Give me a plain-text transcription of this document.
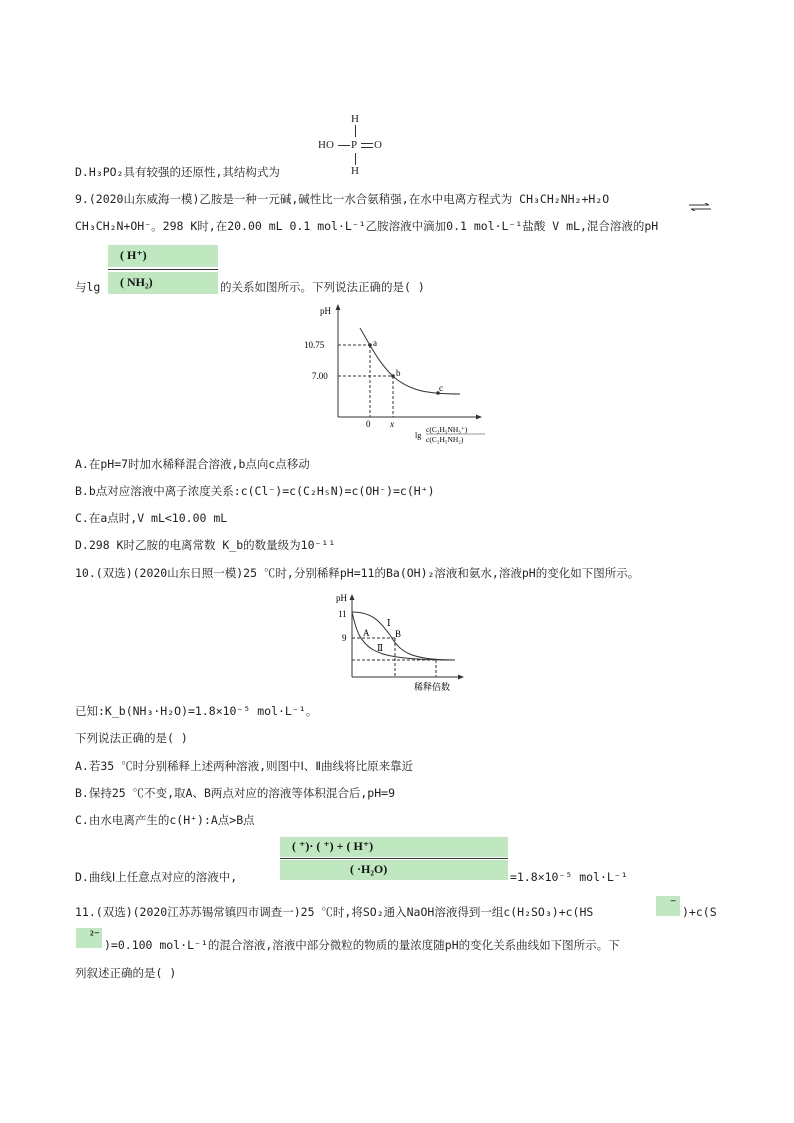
H
HO P O
H
D.H₃PO₂具有较强的还原性,其结构式为
9.(2020山东威海一模)乙胺是一种一元碱,碱性比一水合氨稍强,在水中电离方程式为 CH₃CH₂NH₂+H₂O
CH₃CH₂N+OH⁻。298 K时,在20.00 mL 0.1 mol·L⁻¹乙胺溶液中滴加0.1 mol·L⁻¹盐酸 V mL,混合溶液的pH
与lg
( H⁺)
( NH₂)	的关系如图所示。下列说法正确的是( )
pH
10.75
7.00
a
b
c
0 x
lg
c(C₂H₅NH₃⁺)
c(C₂H₅NH₂)
A.在pH=7时加水稀释混合溶液,b点向c点移动
B.b点对应溶液中离子浓度关系:c(Cl⁻)=c(C₂H₅N)=c(OH⁻)=c(H⁺)
C.在a点时,V mL<10.00 mL
D.298 K时乙胺的电离常数 K_b的数量级为10⁻¹¹
10.(双选)(2020山东日照一模)25 ℃时,分别稀释pH=11的Ba(OH)₂溶液和氨水,溶液pH的变化如下图所示。
pH
11
9 A	B
Ⅰ
Ⅱ
稀释倍数
已知:K_b(NH₃·H₂O)=1.8×10⁻⁵ mol·L⁻¹。
下列说法正确的是( )
A.若35 ℃时分别稀释上述两种溶液,则图中Ⅰ、Ⅱ曲线将比原来靠近
B.保持25 ℃不变,取A、B两点对应的溶液等体积混合后,pH=9
C.由水电离产生的c(H⁺):A点>B点
D.曲线Ⅰ上任意点对应的溶液中,
( ⁺)· ( ⁺) + ( H⁺)
( ·H₂O)
=1.8×10⁻⁵ mol·L⁻¹
11.(双选)(2020江苏苏锡常镇四市调查一)25 ℃时,将SO₂通入NaOH溶液得到一组c(H₂SO₃)+c(HS
⁻
)+c(S
²⁻
)=0.100 mol·L⁻¹的混合溶液,溶液中部分微粒的物质的量浓度随pH的变化关系曲线如下图所示。下
列叙述正确的是( )
